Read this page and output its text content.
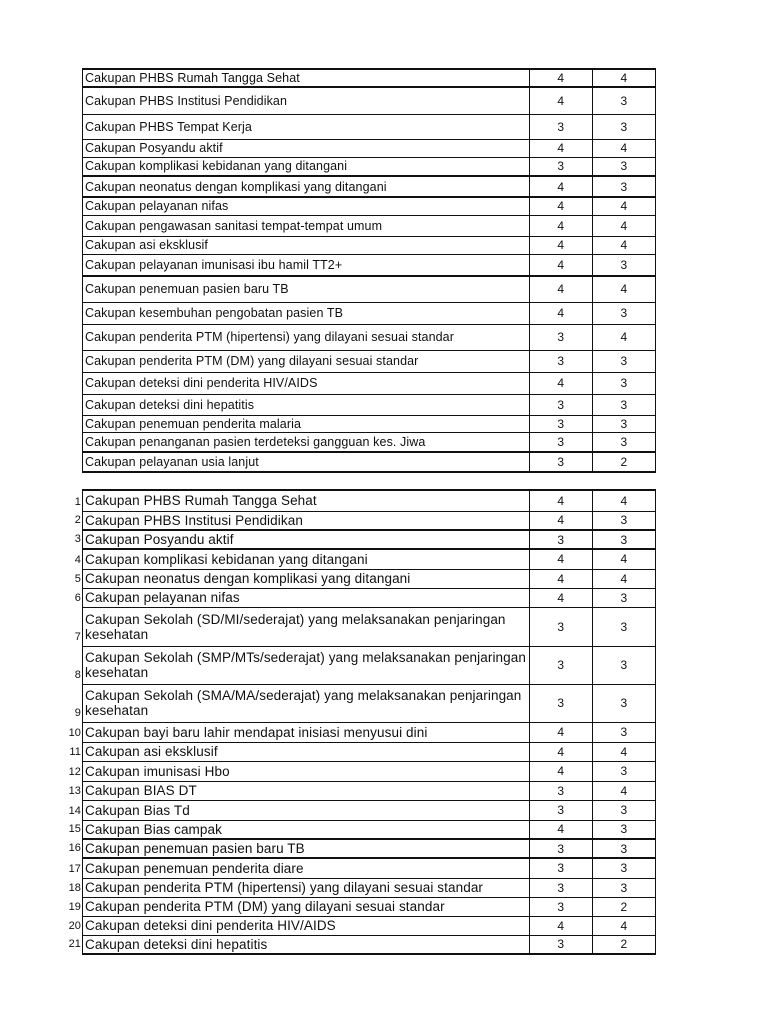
Cakupan PHBS Rumah Tangga Sehat	4	4
Cakupan PHBS Institusi Pendidikan	4	3
Cakupan PHBS Tempat Kerja	3	3
Cakupan Posyandu aktif	4	4
Cakupan komplikasi kebidanan yang ditangani	3	3
Cakupan neonatus dengan komplikasi yang ditangani	4	3
Cakupan pelayanan nifas	4	4
Cakupan pengawasan sanitasi tempat-tempat umum	4	4
Cakupan asi eksklusif	4	4
Cakupan pelayanan imunisasi ibu hamil TT2+	4	3
Cakupan penemuan pasien baru TB	4	4
Cakupan kesembuhan pengobatan pasien TB	4	3
Cakupan penderita PTM (hipertensi) yang dilayani sesuai standar	3	4
Cakupan penderita PTM (DM) yang dilayani sesuai standar	3	3
Cakupan deteksi dini penderita HIV/AIDS	4	3
Cakupan deteksi dini hepatitis	3	3
Cakupan penemuan penderita malaria	3	3
Cakupan penanganan pasien terdeteksi gangguan kes. Jiwa	3	3
Cakupan pelayanan usia lanjut	3	2
1 Cakupan PHBS Rumah Tangga Sehat	4	4

2 Cakupan PHBS Institusi Pendidikan	4	3

3 Cakupan Posyandu aktif	3	3

4 Cakupan komplikasi kebidanan yang ditangani	4	4

5 Cakupan neonatus dengan komplikasi yang ditangani	4	4

6 Cakupan pelayanan nifas	4	3

7
Cakupan Sekolah (SD/MI/sederajat) yang melaksanakan penjaringan kesehatan	3	3

8
Cakupan Sekolah (SMP/MTs/sederajat) yang melaksanakan penjaringan kesehatan	3	3

9
Cakupan Sekolah (SMA/MA/sederajat) yang melaksanakan penjaringan kesehatan	3	3

10 Cakupan bayi baru lahir mendapat inisiasi menyusui dini	4	3

11 Cakupan asi eksklusif	4	4

12 Cakupan imunisasi Hbo	4	3

13 Cakupan BIAS DT	3	4

14 Cakupan Bias Td	3	3

15 Cakupan Bias campak	4	3

16 Cakupan penemuan pasien baru TB	3	3

17 Cakupan penemuan penderita diare	3	3

18 Cakupan penderita PTM (hipertensi) yang dilayani sesuai standar	3	3

19 Cakupan penderita PTM (DM) yang dilayani sesuai standar	3	2

20 Cakupan deteksi dini penderita HIV/AIDS	4	4

21 Cakupan deteksi dini hepatitis	3	2
